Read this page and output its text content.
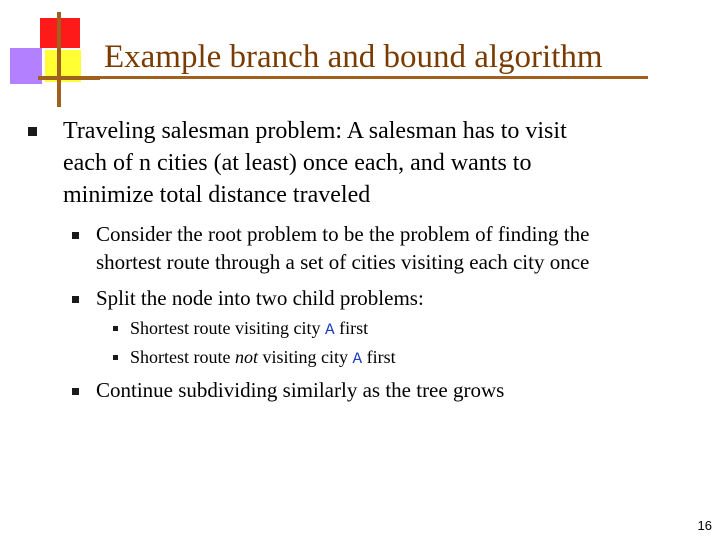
Example branch and bound algorithm
Traveling salesman problem: A salesman has to visit
each of n cities (at least) once each, and wants to
minimize total distance traveled
Consider the root problem to be the problem of finding the
shortest route through a set of cities visiting each city once
Split the node into two child problems:
Shortest route visiting city A first
Shortest route not visiting city A first
Continue subdividing similarly as the tree grows
16
